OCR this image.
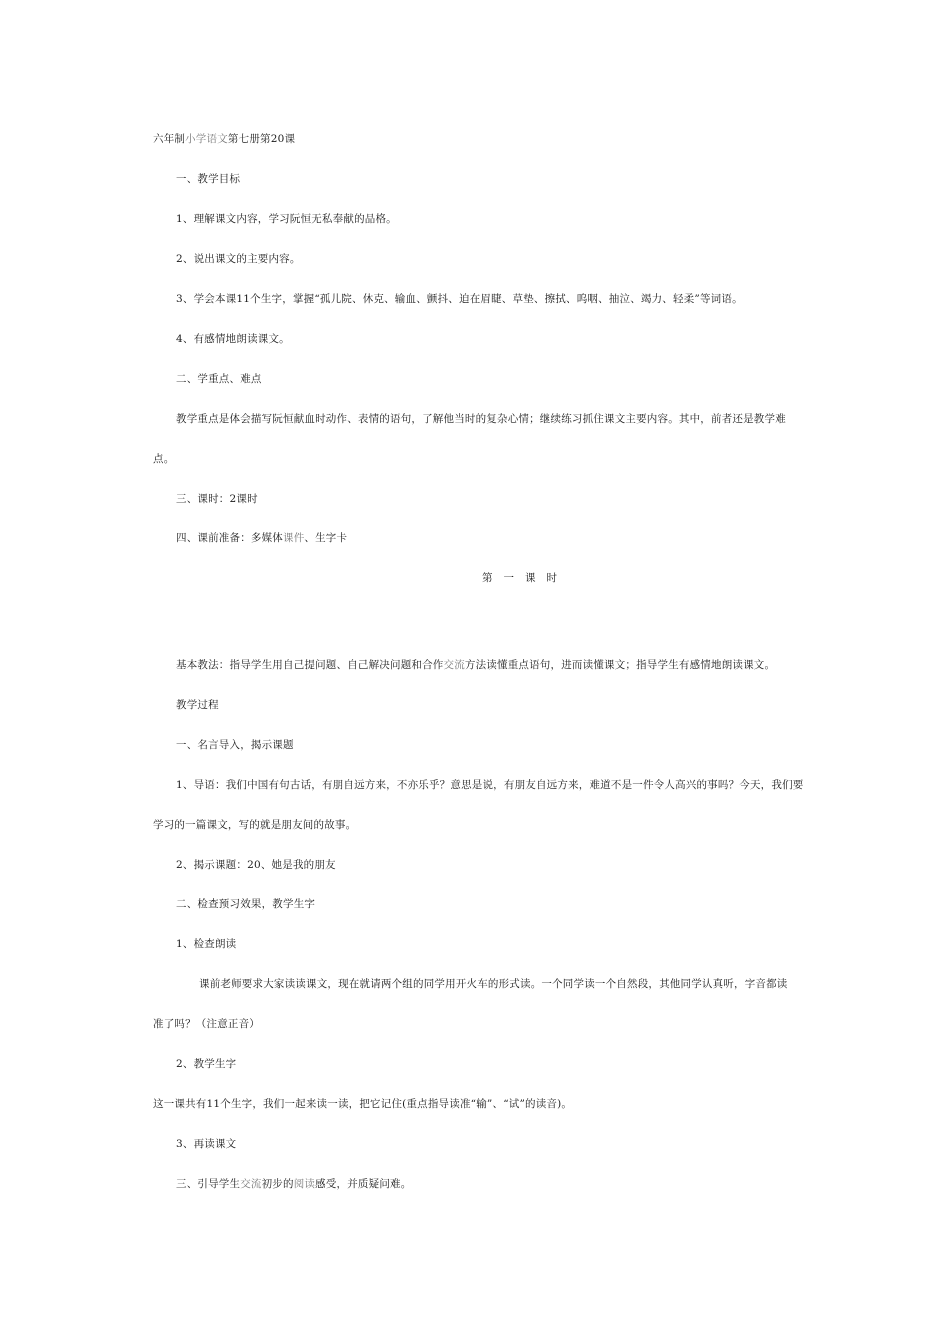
六年制小学语文第七册第20课
一、教学目标
1、理解课文内容，学习阮恒无私奉献的品格。
2、说出课文的主要内容。
3、学会本课11个生字，掌握“孤儿院、休克、输血、颤抖、迫在眉睫、草垫、擦拭、呜咽、抽泣、竭力、轻柔”等词语。
4、有感情地朗读课文。
二、学重点、难点
教学重点是体会描写阮恒献血时动作、表情的语句，了解他当时的复杂心情；继续练习抓住课文主要内容。其中，前者还是教学难
点。
三、课时：2课时
四、课前准备：多媒体课件、生字卡
第一课时
基本教法：指导学生用自己提问题、自己解决问题和合作交流方法读懂重点语句，进而读懂课文；指导学生有感情地朗读课文。
教学过程
一、名言导入，揭示课题
1、导语：我们中国有句古话，有朋自远方来，不亦乐乎？意思是说，有朋友自远方来，难道不是一件令人高兴的事吗？今天，我们要
学习的一篇课文，写的就是朋友间的故事。
2、揭示课题：20、她是我的朋友
二、检查预习效果，教学生字
1、检查朗读
课前老师要求大家读读课文，现在就请两个组的同学用开火车的形式读。一个同学读一个自然段，其他同学认真听，字音都读
准了吗？（注意正音）
2、教学生字
这一课共有11个生字，我们一起来读一读，把它记住(重点指导读准“输”、“试”的读音)。
3、再读课文
三、引导学生交流初步的阅读感受，并质疑问难。
